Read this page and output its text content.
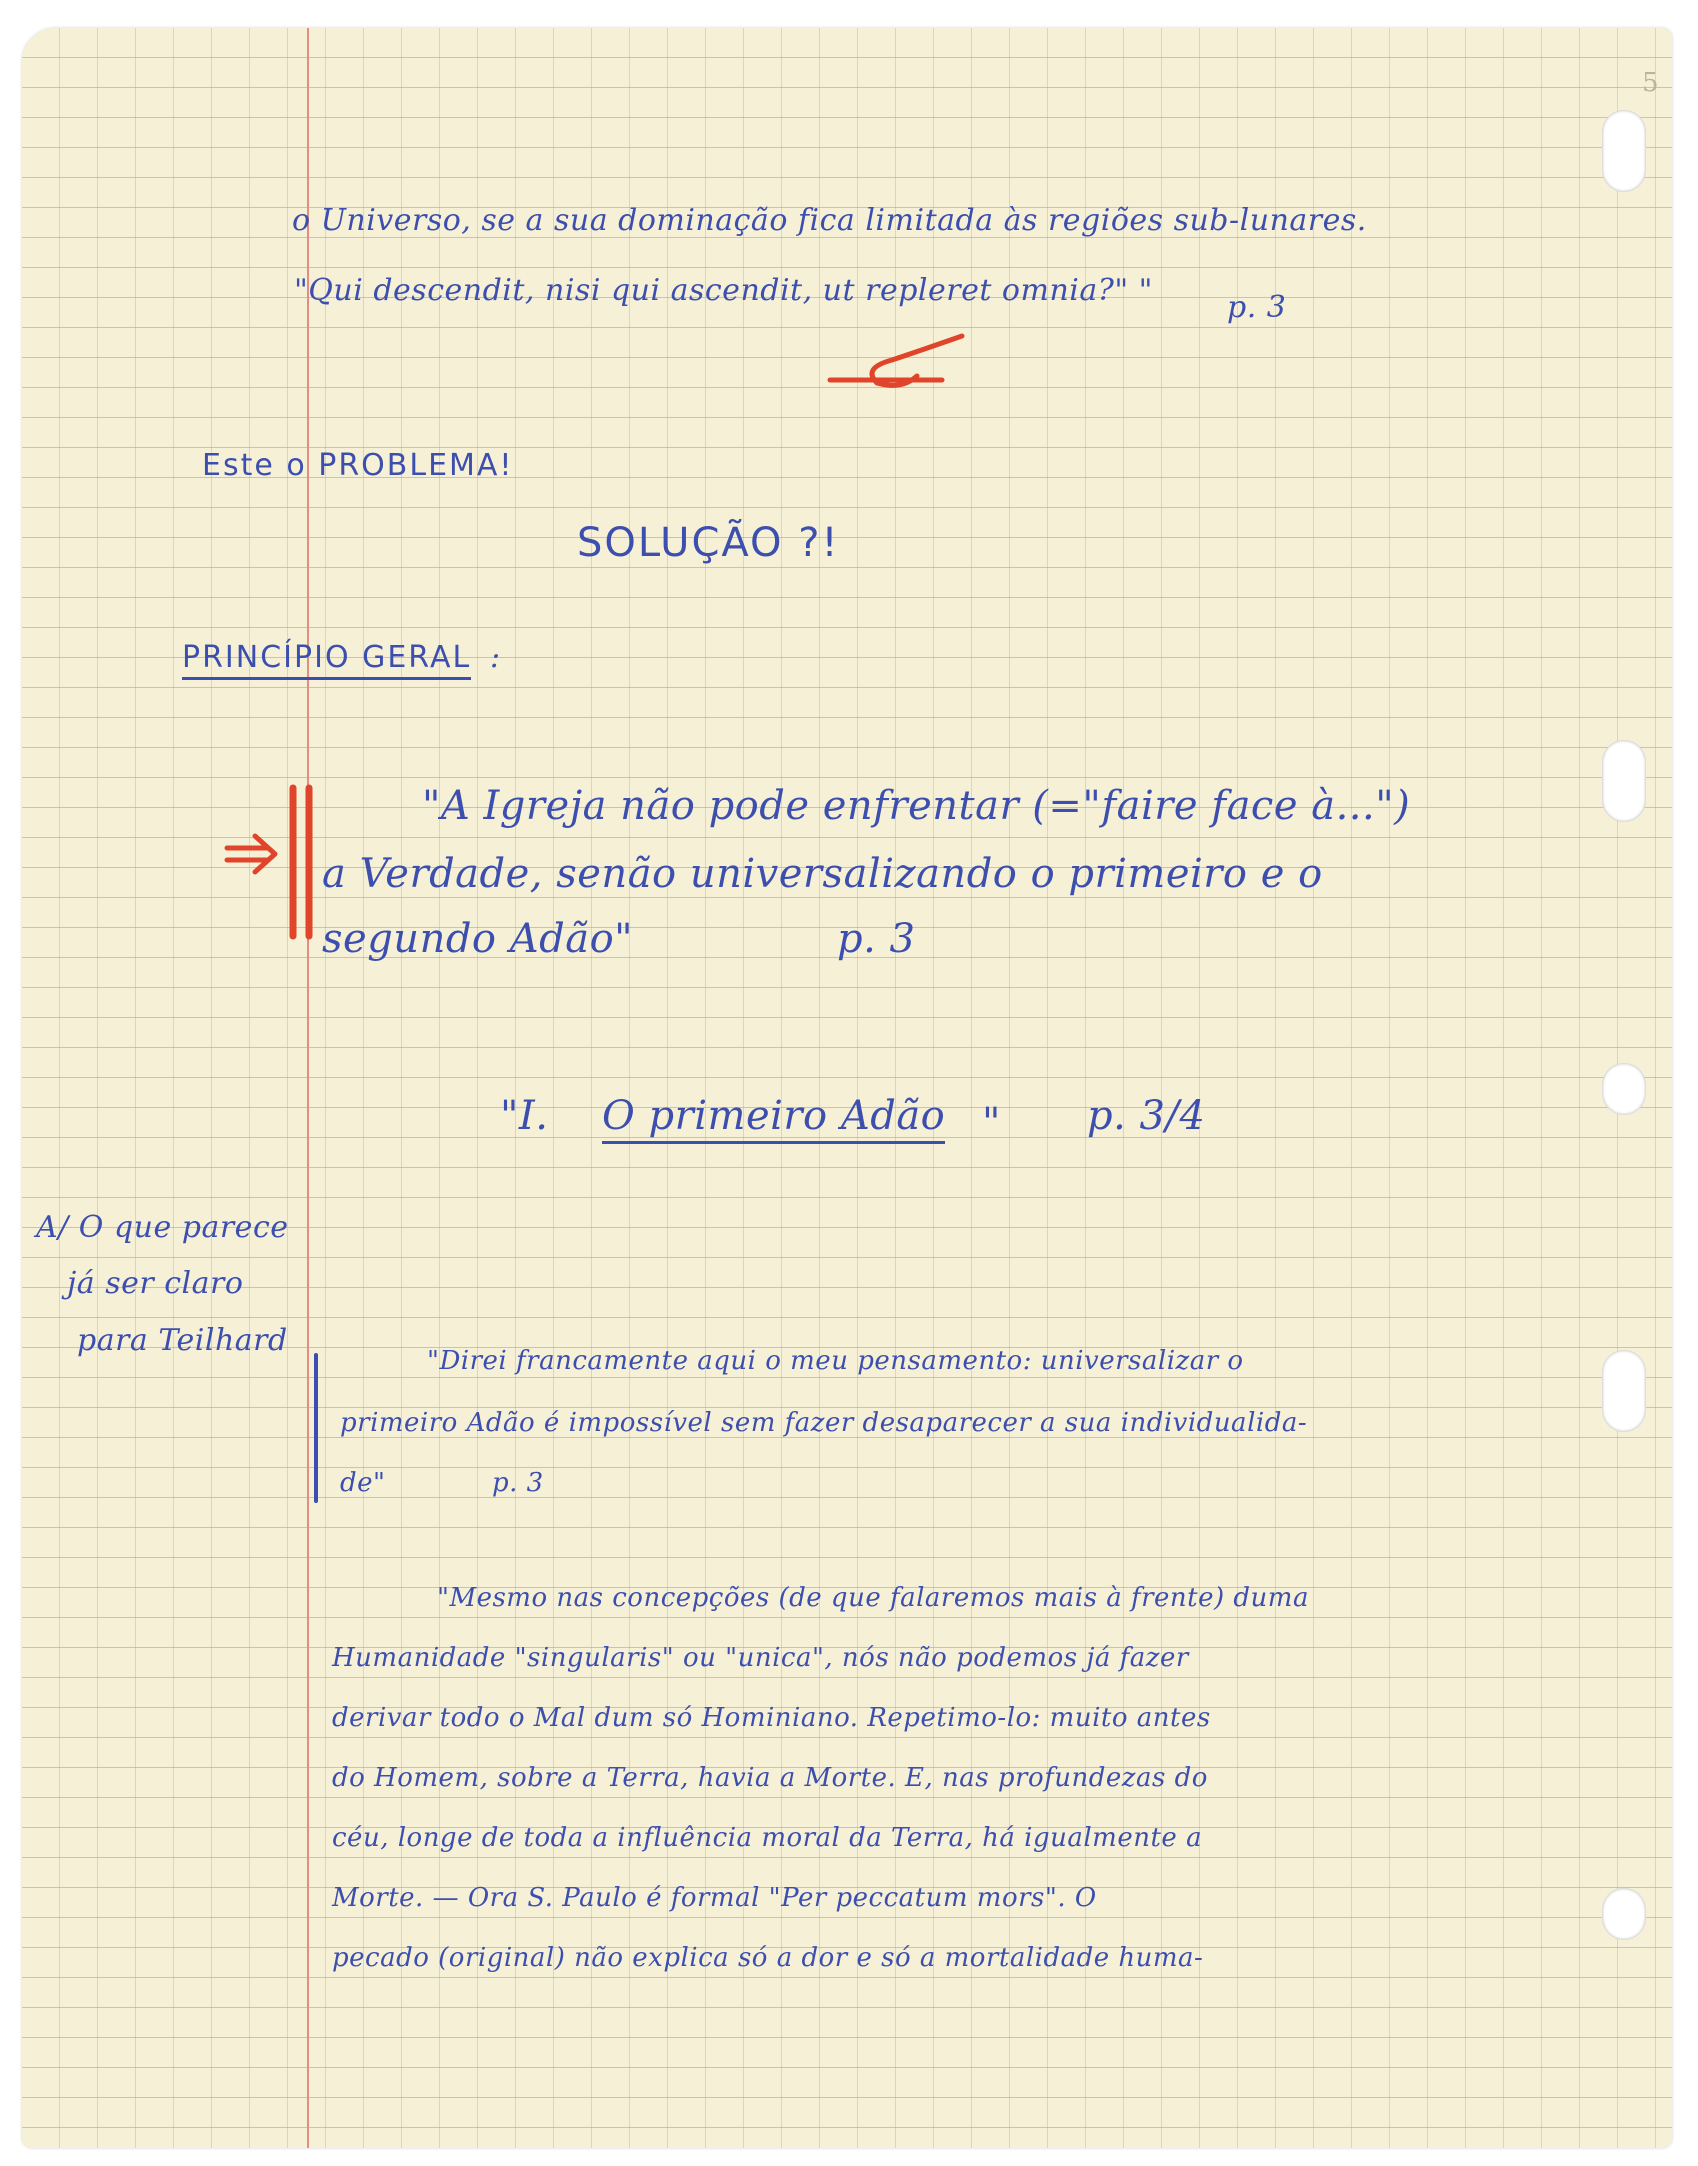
5
o Universo, se a sua dominação fica limitada às regiões sub-lunares.
"Qui descendit, nisi qui ascendit, ut repleret omnia?" " p. 3
Este o PROBLEMA!
SOLUÇÃO ?!
PRINCÍPIO GERAL :
"A Igreja não pode enfrentar (="faire face à...")
a Verdade, senão universalizando o primeiro e o
segundo Adão"	p. 3
"I. O primeiro Adão " p. 3/4
A/ O que parece
já ser claro
para Teilhard
"Direi francamente aqui o meu pensamento: universalizar o
primeiro Adão é impossível sem fazer desaparecer a sua individualida-
de"	p. 3
"Mesmo nas concepções (de que falaremos mais à frente) duma
Humanidade "singularis" ou "unica", nós não podemos já fazer
derivar todo o Mal dum só Hominiano. Repetimo-lo: muito antes
do Homem, sobre a Terra, havia a Morte. E, nas profundezas do
céu, longe de toda a influência moral da Terra, há igualmente a
Morte. — Ora S. Paulo é formal "Per peccatum mors". O
pecado (original) não explica só a dor e só a mortalidade huma-
